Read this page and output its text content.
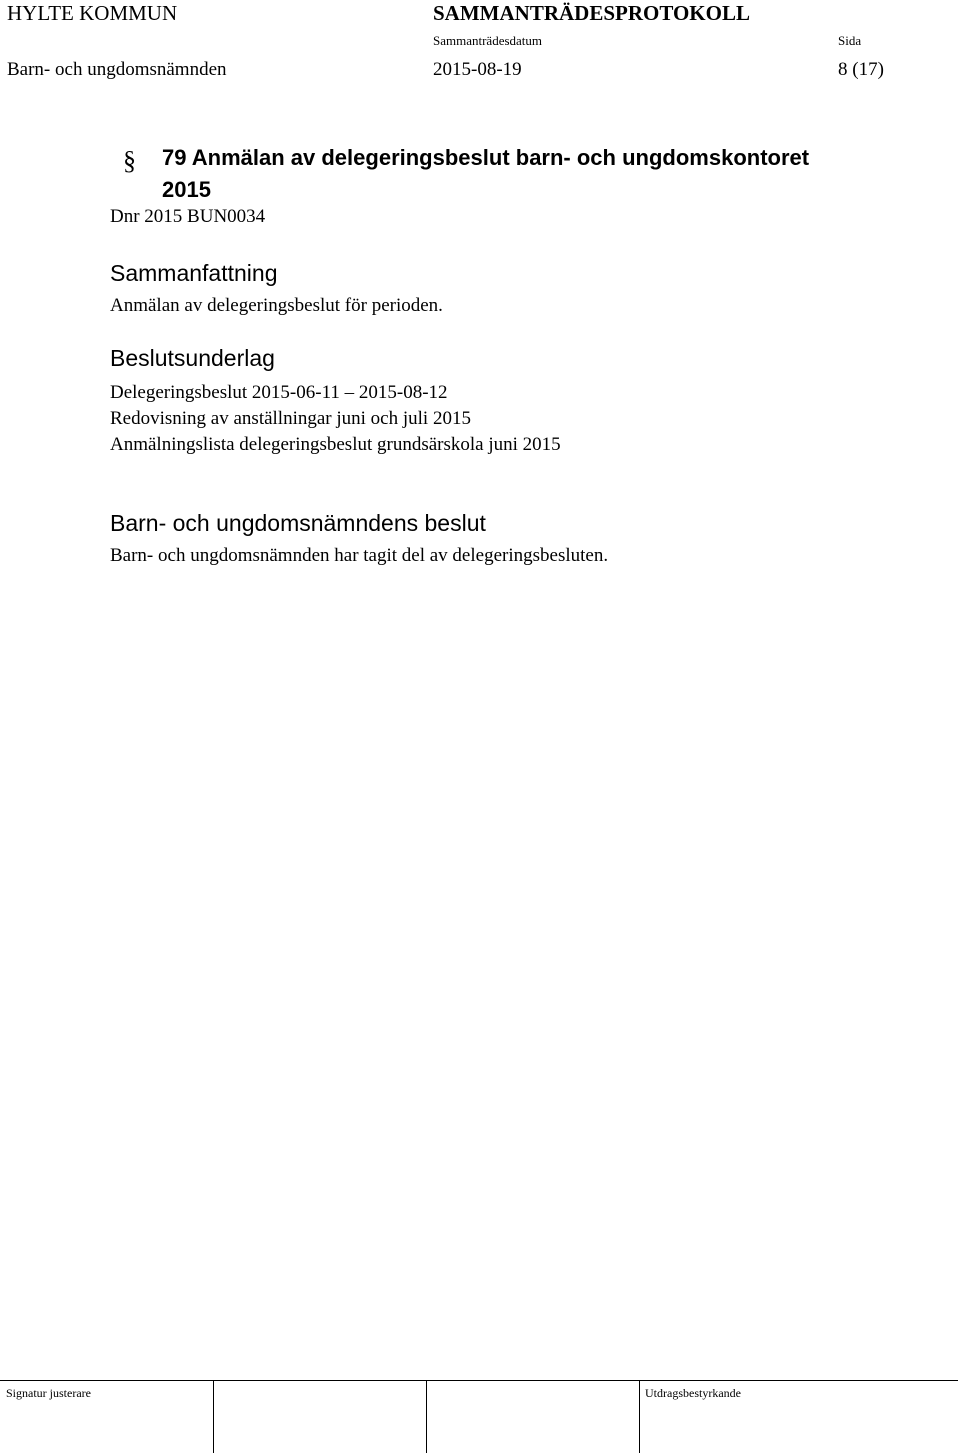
HYLTE KOMMUN	SAMMANTRÄDESPROTOKOLL
Sammanträdesdatum	Sida
Barn- och ungdomsnämnden	2015-08-19	8 (17)
§ 79 Anmälan av delegeringsbeslut barn- och ungdomskontoret
2015
Dnr 2015 BUN0034
Sammanfattning
Anmälan av delegeringsbeslut för perioden.
Beslutsunderlag
Delegeringsbeslut 2015-06-11 – 2015-08-12
Redovisning av anställningar juni och juli 2015
Anmälningslista delegeringsbeslut grundsärskola juni 2015
Barn- och ungdomsnämndens beslut
Barn- och ungdomsnämnden har tagit del av delegeringsbesluten.
Signatur justerare	Utdragsbestyrkande
